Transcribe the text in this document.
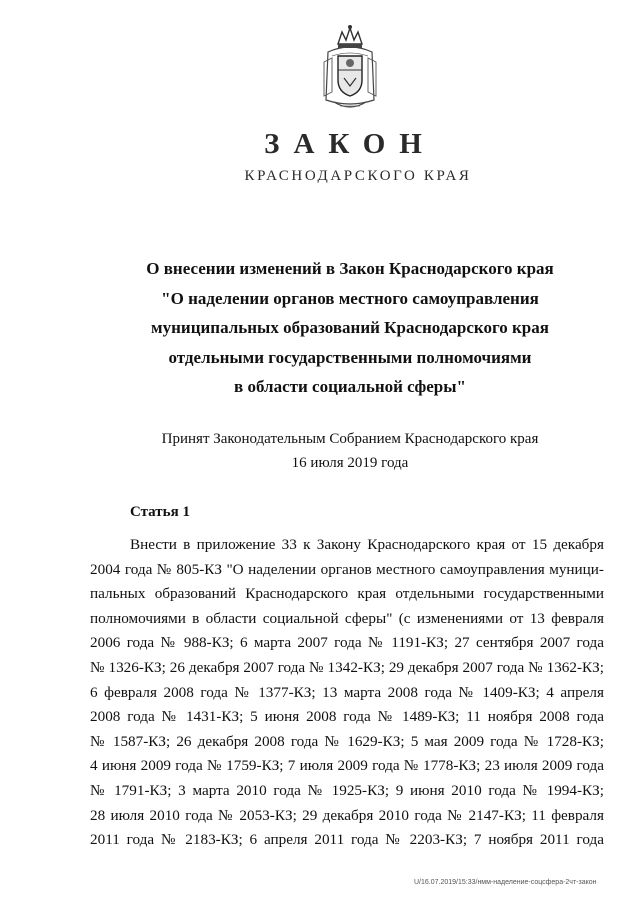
ЗАКОН
КРАСНОДАРСКОГО КРАЯ
О внесении изменений в Закон Краснодарского края
"О наделении органов местного самоуправления
муниципальных образований Краснодарского края
отдельными государственными полномочиями
в области социальной сферы"
Принят Законодательным Собранием Краснодарского края
16 июля 2019 года
Статья 1
Внести в приложение 33 к Закону Краснодарского края от 15 декабря
2004 года № 805-КЗ "О наделении органов местного самоуправления муници-
пальных образований Краснодарского края отдельными государственными
полномочиями в области социальной сферы" (с изменениями от 13 февраля
2006 года № 988-КЗ; 6 марта 2007 года № 1191-КЗ; 27 сентября 2007 года
№ 1326-КЗ; 26 декабря 2007 года № 1342-КЗ; 29 декабря 2007 года № 1362-КЗ;
6 февраля 2008 года № 1377-КЗ; 13 марта 2008 года № 1409-КЗ; 4 апреля
2008 года № 1431-КЗ; 5 июня 2008 года № 1489-КЗ; 11 ноября 2008 года
№ 1587-КЗ; 26 декабря 2008 года № 1629-КЗ; 5 мая 2009 года № 1728-КЗ;
4 июня 2009 года № 1759-КЗ; 7 июля 2009 года № 1778-КЗ; 23 июля 2009 года
№ 1791-КЗ; 3 марта 2010 года № 1925-КЗ; 9 июня 2010 года № 1994-КЗ;
28 июля 2010 года № 2053-КЗ; 29 декабря 2010 года № 2147-КЗ; 11 февраля
2011 года № 2183-КЗ; 6 апреля 2011 года № 2203-КЗ; 7 ноября 2011 года
U/16.07.2019/15:33/нмм-наделение-соцсфера-2чт-закон
